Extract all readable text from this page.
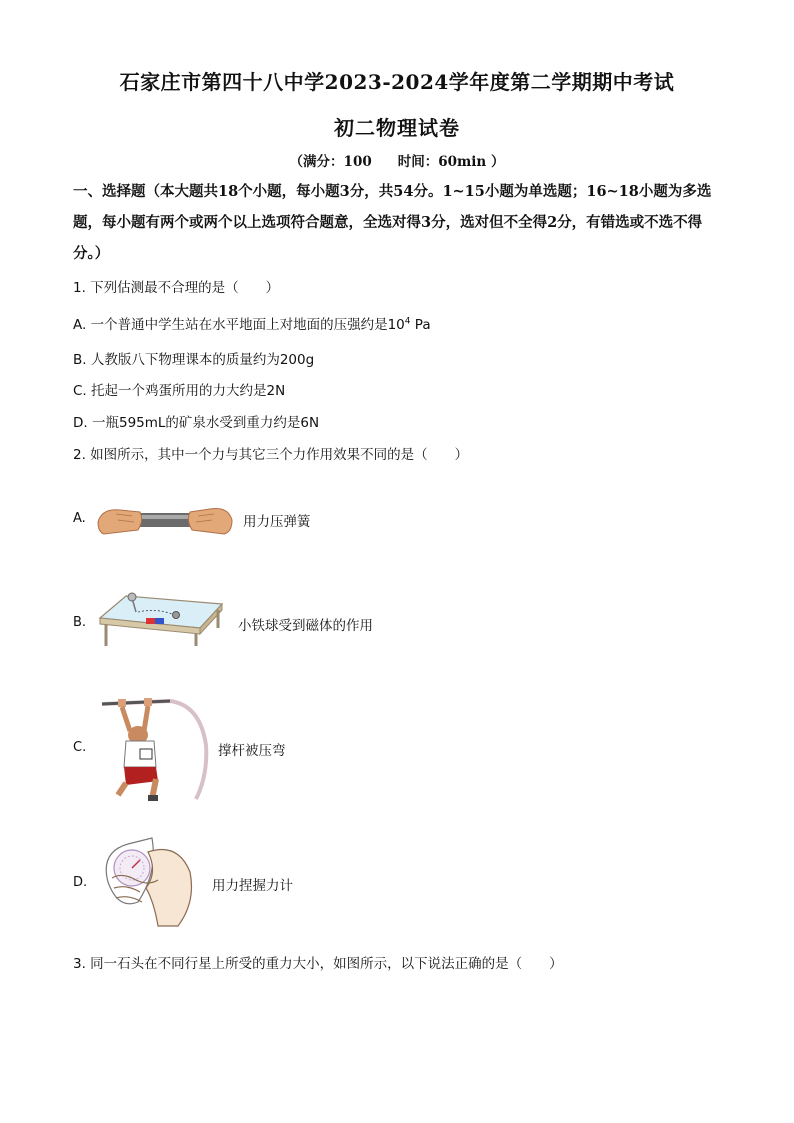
石家庄市第四十八中学2023-2024学年度第二学期期中考试
初二物理试卷
（满分：100 时间：60min ）
一、选择题（本大题共18个小题，每小题3分，共54分。1~15小题为单选题；16~18小题为多选题，每小题有两个或两个以上选项符合题意，全选对得3分，选对但不全得2分，有错选或不选不得分。）
1. 下列估测最不合理的是（　　）
A. 一个普通中学生站在水平地面上对地面的压强约是$10^4$ Pa
B. 人教版八下物理课本的质量约为200g
C. 托起一个鸡蛋所用的力大约是2N
D. 一瓶595mL的矿泉水受到重力约是6N
2. 如图所示，其中一个力与其它三个力作用效果不同的是（　　）
A.	用力压弹簧
B.	小铁球受到磁体的作用
C.	撑杆被压弯
D.	用力捏握力计
3. 同一石头在不同行星上所受的重力大小，如图所示，以下说法正确的是（　　）
